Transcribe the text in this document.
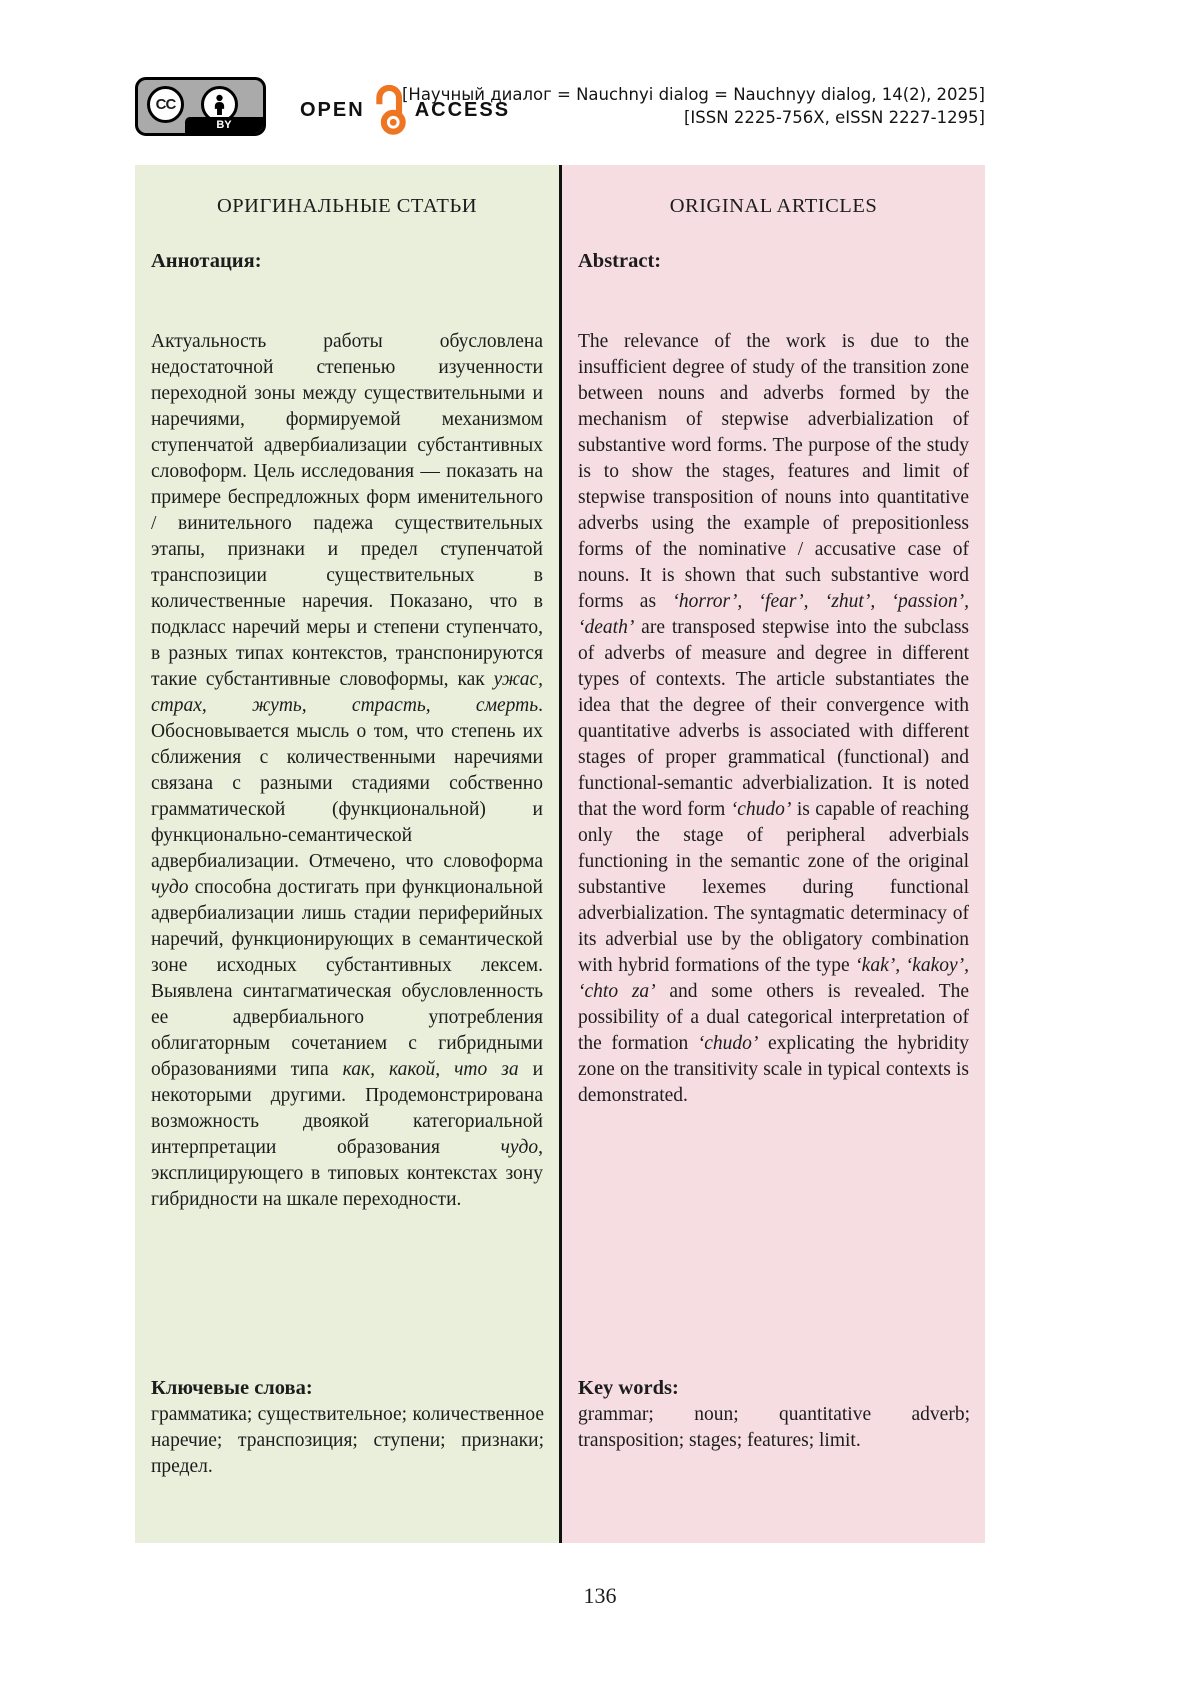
CC
BY
OPEN	ACCESS
[Научный диалог = Nauchnyi dialog = Nauchnyy dialog, 14(2), 2025]
[ISSN 2225-756X, eISSN 2227-1295]
ОРИГИНАЛЬНЫЕ СТАТЬИ

Аннотация:

Актуальность работы обусловлена недостаточной степенью изученности переходной зоны между существительными и наречиями, формируемой механизмом ступенчатой адвербиализации субстантивных словоформ. Цель исследования — показать на примере беспредложных форм именительного / винительного падежа существительных этапы, признаки и предел ступенчатой транспозиции существительных в количественные наречия. Показано, что в подкласс наречий меры и степени ступенчато, в разных типах контекстов, транспонируются такие субстантивные словоформы, как ужас, страх, жуть, страсть, смерть. Обосновывается мысль о том, что степень их сближения с количественными наречиями связана с разными стадиями собственно грамматической (функциональной) и функционально-семантической адвербиализации. Отмечено, что словоформа чудо способна достигать при функциональной адвербиализации лишь стадии периферийных наречий, функционирующих в семантической зоне исходных субстантивных лексем. Выявлена синтагматическая обусловленность ее адвербиального употребления облигаторным сочетанием с гибридными образованиями типа как, какой, что за и некоторыми другими. Продемонстрирована возможность двоякой категориальной интерпретации образования чудо, эксплицирующего в типовых контекстах зону гибридности на шкале переходности.

Ключевые слова:

грамматика; существительное; количественное наречие; транспозиция; ступени; признаки; предел.

ORIGINAL ARTICLES

Abstract:

The relevance of the work is due to the insufficient degree of study of the transition zone between nouns and adverbs formed by the mechanism of stepwise adverbialization of substantive word forms. The purpose of the study is to show the stages, features and limit of stepwise transposition of nouns into quantitative adverbs using the example of prepositionless forms of the nominative / accusative case of nouns. It is shown that such substantive word forms as ‘horror’, ‘fear’, ‘zhut’, ‘passion’, ‘death’ are transposed stepwise into the subclass of adverbs of measure and degree in different types of contexts. The article substantiates the idea that the degree of their convergence with quantitative adverbs is associated with different stages of proper grammatical (functional) and functional-semantic adverbialization. It is noted that the word form ‘chudo’ is capable of reaching only the stage of peripheral adverbials functioning in the semantic zone of the original substantive lexemes during functional adverbialization. The syntagmatic determinacy of its adverbial use by the obligatory combination with hybrid formations of the type ‘kak’, ‘kakoy’, ‘chto za’ and some others is revealed. The possibility of a dual categorical interpretation of the formation ‘chudo’ explicating the hybridity zone on the transitivity scale in typical contexts is demonstrated.

Key words:

grammar; noun; quantitative adverb; transposition; stages; features; limit.

136
